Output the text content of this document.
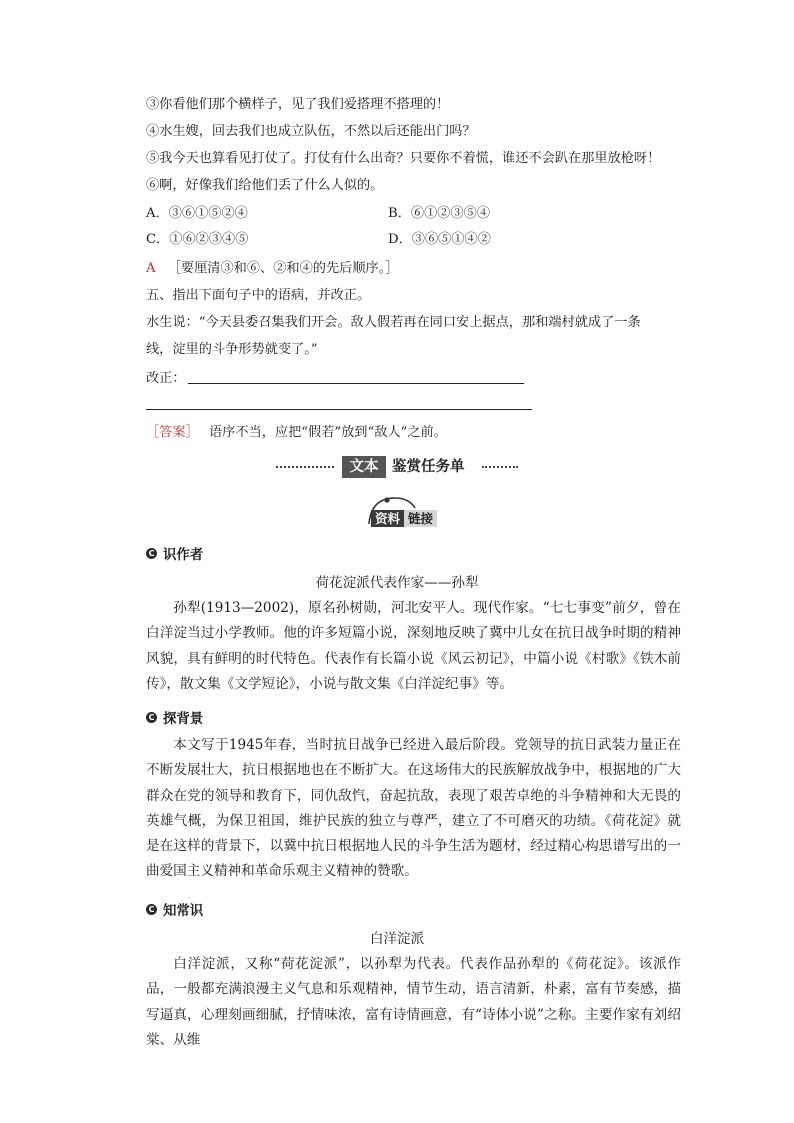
③你看他们那个横样子，见了我们爱搭理不搭理的！
④水生嫂，回去我们也成立队伍，不然以后还能出门吗？
⑤我今天也算看见打仗了。打仗有什么出奇？只要你不着慌，谁还不会趴在那里放枪呀！
⑥啊，好像我们给他们丢了什么人似的。
A．③⑥①⑤②④	B．⑥①②③⑤④
C．①⑥②③④⑤	D．③⑥⑤①④②
A ［要厘清③和⑥、②和④的先后顺序。］
五、指出下面句子中的语病，并改正。
水生说：“今天县委召集我们开会。敌人假若再在同口安上据点，那和端村就成了一条
线，淀里的斗争形势就变了。”
改正：
［答案］ 语序不当，应把“假若”放到“敌人”之前。
文本 鉴赏任务单
资料 链接
C 识作者
荷花淀派代表作家——孙犁
孙犁(1913—2002)，原名孙树勋，河北安平人。现代作家。“七七事变”前夕，曾在白洋淀当过小学教师。他的许多短篇小说，深刻地反映了冀中儿女在抗日战争时期的精神风貌，具有鲜明的时代特色。代表作有长篇小说《风云初记》，中篇小说《村歌》《铁木前传》，散文集《文学短论》，小说与散文集《白洋淀纪事》等。
C 探背景
本文写于1945年春，当时抗日战争已经进入最后阶段。党领导的抗日武装力量正在不断发展壮大，抗日根据地也在不断扩大。在这场伟大的民族解放战争中，根据地的广大群众在党的领导和教育下，同仇敌忾，奋起抗敌，表现了艰苦卓绝的斗争精神和大无畏的英雄气概，为保卫祖国，维护民族的独立与尊严，建立了不可磨灭的功绩。《荷花淀》就是在这样的背景下，以冀中抗日根据地人民的斗争生活为题材，经过精心构思谱写出的一曲爱国主义精神和革命乐观主义精神的赞歌。
C 知常识
白洋淀派
白洋淀派，又称“荷花淀派”，以孙犁为代表。代表作品孙犁的《荷花淀》。该派作品，一般都充满浪漫主义气息和乐观精神，情节生动，语言清新，朴素，富有节奏感，描写逼真，心理刻画细腻，抒情味浓，富有诗情画意，有“诗体小说”之称。主要作家有刘绍棠、从维
